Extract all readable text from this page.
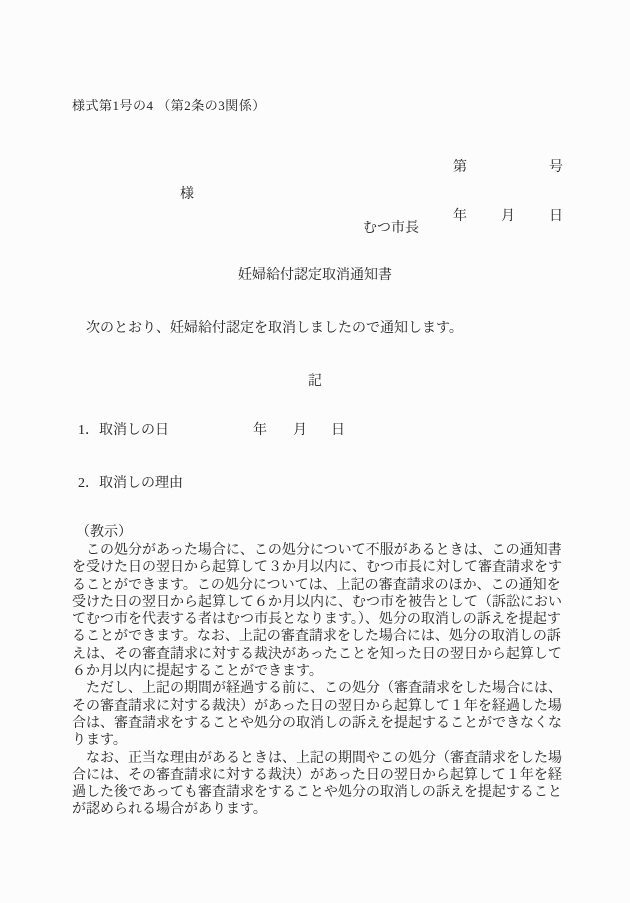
様式第1号の4 （第2条の3関係）

第	号

年 月 日

様
むつ市長
妊婦給付認定取消通知書
　次のとおり、妊婦給付認定を取消しましたので通知します。
記
1．取消しの日	年 月 日
2．取消しの理由
（教示）
　この処分があった場合に、この処分について不服があるときは、この通知書
を受けた日の翌日から起算して３か月以内に、むつ市長に対して審査請求をす
ることができます。この処分については、上記の審査請求のほか、この通知を
受けた日の翌日から起算して６か月以内に、むつ市を被告として（訴訟におい
てむつ市を代表する者はむつ市長となります。）、処分の取消しの訴えを提起す
ることができます。なお、上記の審査請求をした場合には、処分の取消しの訴
えは、その審査請求に対する裁決があったことを知った日の翌日から起算して
６か月以内に提起することができます。
　ただし、上記の期間が経過する前に、この処分（審査請求をした場合には、
その審査請求に対する裁決）があった日の翌日から起算して１年を経過した場
合は、審査請求をすることや処分の取消しの訴えを提起することができなくな
ります。
　なお、正当な理由があるときは、上記の期間やこの処分（審査請求をした場
合には、その審査請求に対する裁決）があった日の翌日から起算して１年を経
過した後であっても審査請求をすることや処分の取消しの訴えを提起すること
が認められる場合があります。
